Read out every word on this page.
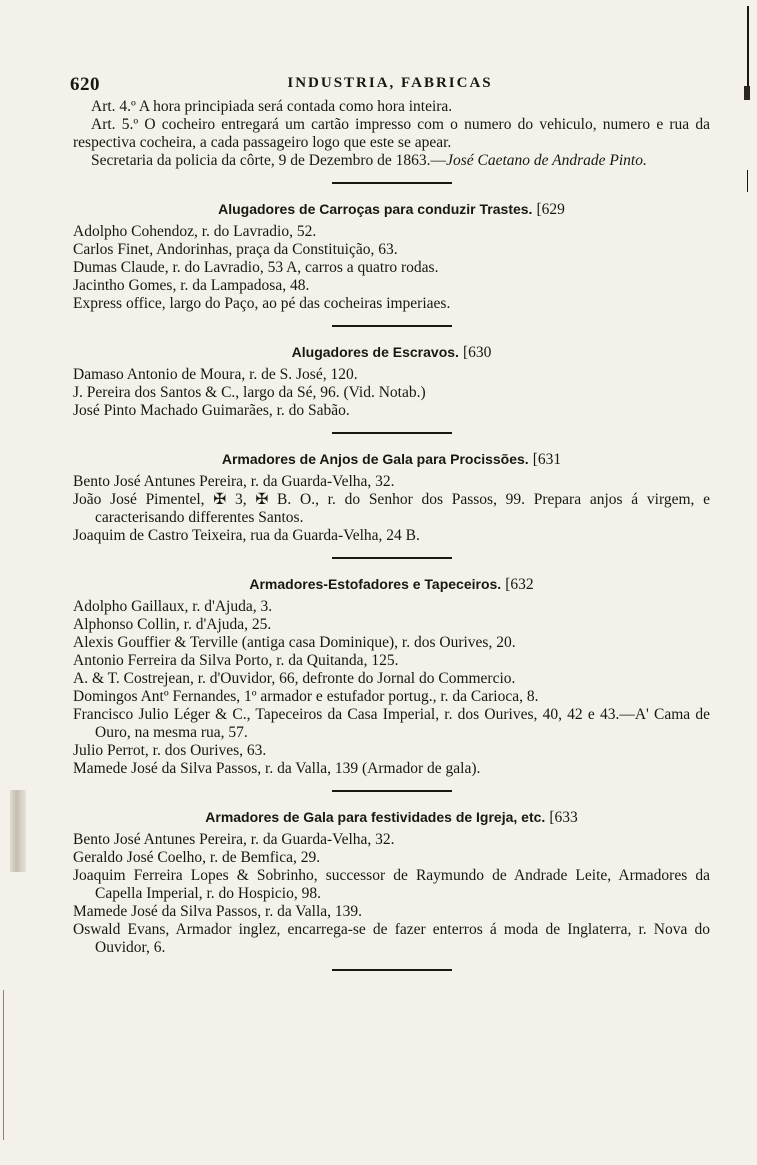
620	INDUSTRIA, FABRICAS

Art. 4.º A hora principiada será contada como hora inteira.

Art. 5.º O cocheiro entregará um cartão impresso com o numero do vehiculo, numero e rua da respectiva cocheira, a cada passageiro logo que este se apear.

Secretaria da policia da côrte, 9 de Dezembro de 1863.—José Caetano de Andrade Pinto.

Alugadores de Carroças para conduzir Trastes. [629

Adolpho Cohendoz, r. do Lavradio, 52.

Carlos Finet, Andorinhas, praça da Constituição, 63.

Dumas Claude, r. do Lavradio, 53 A, carros a quatro rodas.

Jacintho Gomes, r. da Lampadosa, 48.

Express office, largo do Paço, ao pé das cocheiras imperiaes.

Alugadores de Escravos. [630

Damaso Antonio de Moura, r. de S. José, 120.

J. Pereira dos Santos & C., largo da Sé, 96. (Vid. Notab.)

José Pinto Machado Guimarães, r. do Sabão.

Armadores de Anjos de Gala para Procissões. [631

Bento José Antunes Pereira, r. da Guarda-Velha, 32.

João José Pimentel, ✠ 3, ✠ B. O., r. do Senhor dos Passos, 99. Prepara anjos á virgem, e caracterisando differentes Santos.

Joaquim de Castro Teixeira, rua da Guarda-Velha, 24 B.

Armadores-Estofadores e Tapeceiros. [632

Adolpho Gaillaux, r. d'Ajuda, 3.

Alphonso Collin, r. d'Ajuda, 25.

Alexis Gouffier & Terville (antiga casa Dominique), r. dos Ourives, 20.

Antonio Ferreira da Silva Porto, r. da Quitanda, 125.

A. & T. Costrejean, r. d'Ouvidor, 66, defronte do Jornal do Commercio.

Domingos Antº Fernandes, 1º armador e estufador portug., r. da Carioca, 8.

Francisco Julio Léger & C., Tapeceiros da Casa Imperial, r. dos Ourives, 40, 42 e 43.—A' Cama de Ouro, na mesma rua, 57.

Julio Perrot, r. dos Ourives, 63.

Mamede José da Silva Passos, r. da Valla, 139 (Armador de gala).

Armadores de Gala para festividades de Igreja, etc. [633

Bento José Antunes Pereira, r. da Guarda-Velha, 32.

Geraldo José Coelho, r. de Bemfica, 29.

Joaquim Ferreira Lopes & Sobrinho, successor de Raymundo de Andrade Leite, Armadores da Capella Imperial, r. do Hospicio, 98.

Mamede José da Silva Passos, r. da Valla, 139.

Oswald Evans, Armador inglez, encarrega-se de fazer enterros á moda de Inglaterra, r. Nova do Ouvidor, 6.
